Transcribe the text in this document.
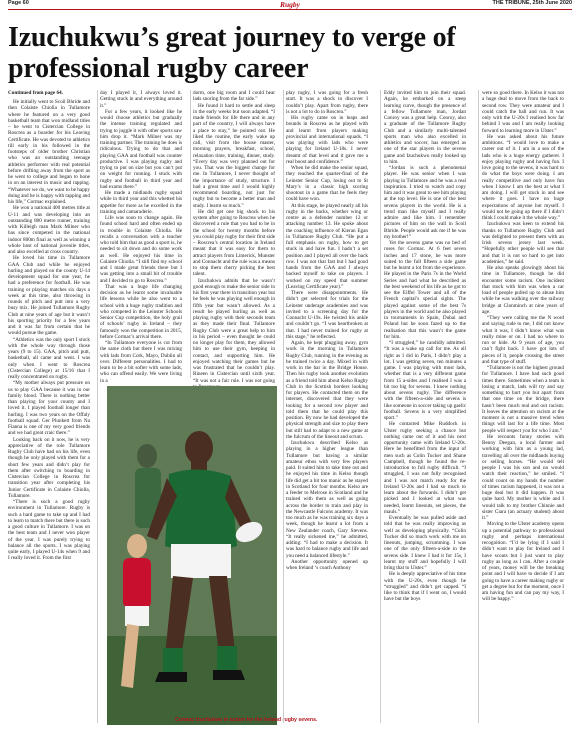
Page 60	Rugby	THE TRIBUNE, 25th June 2020
Izuchukwu’s great journey to verge of professional rugby career
Continued from page 64.

He initially went to Scoil Bhride and then Colaiste Chiolla in Tullamore where he featured on a very good basketball team that won midland titles – he went to Cistercian College in Roscrea as a boarder for his Leaving Certificate. He was devoted to athletics till early in his followed in the footsteps of older brother Christian who was an outstanding teenage athletics performer with real potential before drifting away from the sport as he went to college and began to hone in on an interest in music and rapping. “Whatever we do, we want to be happy doing and he is happy with rapping and his life,” Cormac explained.

He won a national 400 metres title at U-11 and was developing into an outstanding 800 metre runner, training with Killeigh man Mark Milner who has since competed in the national indoor 800m final as well as winning a whole host of national juvenile titles, and also excelled at cross country.

He loved his time in Tullamore GAA Club and while he enjoyed hurling and played on the county U-14 development squad for one year, he had a preference for football. He was training or playing matches six days a week at this time, also throwing in rounds of pitch and putt into a very busy mix. He joined Tullamore Rugby Club at nine years of age but it wasn’t his sporting priority for a few years and it was far from certain that he would pursue the game.

“Athletics was the only sport I stuck with the whole way through those years (9 to 15). GAA, pitch and putt, basketball, all came and went. I was only when I went to Roscrea (Cistercian College) at 15/16 that I really concentrated on rugby.

“My mother always put pressure on us to play GAA because it was in our family blood. There is nothing better than playing for your county and I loved it. I played football longer than hurling. I was two years on the Offaly football squad. Ger Plunkett from Na Fianna is one of my very good friends and we had great craic there.”

Looking back on it now, he is very appreciative of the role Tullamore Rugby Club have had on his life, even though he only played with them for a short few years and didn’t play for them after switching to boarding in Cistercian College in Roscrea for transition year after completing his Junior Certificate in Colaiste Chiolla, Tullamore.

“There is such a good rugby environment in Tullamore. Rugby is such a hard game to take up and I had to learn to match there but there is such a good culture in Tullamore. I was on the best team and I never won player of the year. I was purely trying to balance all the sports. I was playing quite early, I played U-14s when 9 and I really loved it. From the first

day I played it, I always loved it. Getting stuck in and everything around it.”

For a few years, it looked like he would choose athletics but gradually the intense training regulated and trying to juggle it with other sports saw him drop it. “Mark Milner was my training partner. The training he does is ridiculous. Trying to do that and playing GAA and football was counter productive. I was playing rugby and trying to put on size but you can’t put on weight for running. I stuck with rugby and football in third year and had exams there.”

He made a midlands rugby squad while in third year and this whetted his appetite for more as he excelled in the training and camaraderie.

Life was soon to change again. He found school hard and often ended up in trouble in Colaiste Chiolla. He recalls a conversation with a teacher who told him that as good a sport is, he needed to sit down and do some work as well. He enjoyed his time in Colaiste Chiolla. “I still find my school and I made great friends there but I was getting into a small bit of trouble and I decided to go to Roscrea.”

That was a huge life changing decision as he learnt some invaluable life lessons while he also went to a school with a huge rugby tradition and who competed in the Leinster Schools Senior Cup competition, the holy grail of schools’ rugby in Ireland – they famously won the competition in 2015, before Cormac’s arrival there.

“In Tullamore everyone is cut from the same cloth but there I was mixing with lads from Cork, Mayo, Dublin all over. Different personalities. I had to learn to be a bit softer with some lads, who can offend easily. We were living in a

dorm, one big room and I could hear lads snoring from the far side.”

He found it hard to settle and sleep in the early weeks but soon adapted. “I made friends for life there and in any part of the country, I will always have a place to stay,” he pointed out. He liked the routine, the early wake up call, visit from the house master, morning prayers, breakfast, school, relaxation time, training, dinner, study. “Every day was very planned out for you. That was the biggest change for me. In Tullamore, I never thought of the importance of study, structure. I had a great time and I would highly recommend boarding, not just for rugby but to become a better man and study. I learnt so much.”

He did get one big shock to his system after going to Roscrea when he discovered a rule that you had to be in the school for twenty months before you could play rugby for their first side – Roscrea’s central location in Ireland meant that it was easy for them to attract players from Limerick, Munster and Connacht and the rule was a means to stop them cherry picking the best talent.

Izuchukwu admits that he wasn’t good enough to make the senior side in his first year there in transition year but he feels he was playing well enough in fifth year but wasn’t allowed. As a result he played hurling as well as playing rugby with their seconds team as they made their final. Tullamore Rugby Club were a great help to him in his period – even thought he could no longer play for them, they allowed him to use their gym, keeping in contact, and supporting him. He enjoyed watching their games but he was frustrated that he couldn’t play. Rineen in Cistercian until sixth year. “It was not a fair rule. I was not going

play rugby, I was going for a fresh start. It was a shock to discover I couldn’t play. Apart from rugby, there is not a lot to do in Roscrea.”

His rugby came on in leaps and bounds in Roscrea as he played with and learnt from players making provincial and international squads. “I was playing with lads who were playing for Ireland U-18s. I never dreamt of that level and it gave me a real boost and confidence.”

When he did make the senior squad, they reached the quarter-final of the Leinster Senior Cup, losing out to St Mary’s in a classic high scoring shootout in a game that he feels they could have won.

At this stage, he played nearly all his rugby in the backs, whether wing or centre as a defender number 12 or attacking number 13. He spoke about the coaching influence of Kieran Egan in Tullamore Rugby Club. “He put a full emphasis on rugby, how to get stuck in and have fun. I hadn’t a set position and I played all over the back row. I was not that fast but I had good hands from the GAA and I always backed myself to take on players. I worked on my speed that summer (Leaving Certificate year).”

There were disappointments. He didn’t get selected for trials for the Leinster underage academies and was invited to a screening day for the Connacht U-19s. He twisted his ankle and couldn’t go. “I was heartbroken at that. I had never trained for rugby at this stage,” he reflected.

Again, he kept plugging away, gym work in the morning in Tullamore Rugby Club, running in the evening as he trained twice a day. Mixed in with work in the bar in the Bridge House. Then his rugby took another evolution as a friend told him about Kelso Rugby Club in the Scottish borders looking for players. He contacted them on the internet, discovered that they were looking for a second row player and told them that he could play this position. By now he had developed the physical strength and size to play there but still had to adapt to a new game at the fulcrum of the lineout and scrum.

Izuchukwu described Kelso as playing in a higher league than Tullamore but having a similar amateur ethos with very few players paid. It suited him to take time out and he enjoyed his time in Kelso though life did get a bit too manic as he stayed in Scotland for four months. Kelso are a feeder to Melrose in Scotland and he trained with them as well as going across the border to train and play in the Newcastle Falcons academy. It was too much as he was training six days a week, though he learnt a lot from a New Zealander coach, Gary Stevens. “It really sickened me,” he admitted, adding: “I had to make a decision. It was hard to balance rugby and life and you need a balanced lifestyle.”

Another opportunity opened up when Ireland ‘s coach Anthony

Eddy invited him to join their squad. Again, he embarked on a steep learning curve, though the presence of a fellow Tullamore man, Jordan Conroy was a great help. Conroy, also a graduate of the Tullamore Rugby Club and a similarly multi-talented sports man who also excelled in athletics and soccer, has emerged as one of the star players in the sevens game and Izuchukwu really looked up to him.

“Jordan is such a phenomenal player. He was senior when I was playing in Tullamore and he was a real inspiration. I tried to watch and copy him and it was great to see him playing at the top level. He is one of the best sevens players in the world. He is a trend man like myself and I really admire and like him. I remember pictures of him on the wall in Scoil Bhride. People would ask me if he was my brother!”

Yet the sevens game was no bed of roses for Cormac. At 6 feet seven inches and 17 stone, he was more suited to the full fifteen a side game but he learnt a lot from the experience. He played in the Paris 7s in the World Series and had what he described as the best weekend of his life as he got to see the Eiffel Tower and all of the French capital’s special sights. The played against some of the best 7s players in the world and he also played in tournaments in Spain, Dubai and Poland but he soon fazed up to the realisation that this wasn’t the game for him.

“I struggled,” he candidly admitted. “It was a wake up call for me. As all right as I did in Paris, I didn’t play a lot. I was getting seven, ten minutes a game. I was playing with most lads, whether that is a very different game from 15 a-sides and I realised I was a bit too big for sevens. I knew nothing about sevens rugby. The difference with the fifteen-a-side and sevens is like someone in soccer taking up gaelic football. Sevens is a very simplified sport.”

He contacted Mike Ruddock in Ulster rugby seeking a chance but nothing came out of it and his next opportunity came with Ireland U-20s. Here he benefitted from the input of men such as Colin Tucker and Shane Campbell, though he found the re-introduction to full rugby difficult. “I struggled, I was not fully recognised and I was not match ready for the Ireland U-20s and I had so much to learn about the forwards. I didn’t get picked and I looked at what was needed, learnt lineouts, set pieces, the mauls.”

Eventually he was pulled aside and told that he was really improving as well as developing physically. “Colin Tucker did so much work with me on lineouts, jumping, scrumming. I was one of the only fifteen-a-side in the sevens side. I knew I had it for 15s, I learnt my stuff and hopefully I will bring that to Ulster.”

He is deeply appreciative of his time with the U-20s, even though he “struggled” and didn’t get capped. “I like to think that if I went on, I would have but the boys

were so good there. In Kelso it was not a huge deal to move from the back to second row. They were amateur and I could catch the ball and run. It was only with the U-20s I realised how far behind I was and I am really looking forward to learning more in Ulster.”

He was asked about his future ambitions. “I would love to make a career out of it. I am in a sea of the lads who is a huge energy gatherer. I enjoy playing rugby and having fun. I love going to the sevens, it was hard to do what the boys were doing. I am really competitive and only have fun when I know I am the best at what I am doing. I will get stuck in and see where it goes. I have no huge expectations of anyone but myself. I would not be going up there if I didn’t think I could make it the whole way.”

Izuchukwu was keen to extend his thanks to Tullamore Rugby Club and was delighted to present them with an Irish sevens jersey last week. “Hopefully other people will see that and that it is not so hard to get into academies,” he said.

He also speaks glowingly about his time in Tullamore, though he did encounter some racism. One incident that stuck with him was when a car load of people pulled up to abuse him while he was walking over the railway bridge at Clonminch at nine years of age.

“They were calling me the N word and saying rude to me, I did not know what it was, I didn’t know what was really mine or on. I had no where to run or hide. At 9 years of age, you can’t fight back. I have got lots of pieces of it, people crossing the street and that type of stuff.

“Tullamore is not the highest ground for Tullamore. I have had such good times there. Sometimes when a team is losing a match, lads will try and say something to hurt you but apart from that one time on the bridge, there hasn’t been much real and out racism. It leaves the attention on racism at the moment is not a massive trend when things will last for a life time. Most people will respect you for who I am.”

He recounts funny stories with Benny Deegan, a local farmer and working with him as a young lad, travelling all over the midlands buying or selling horses. “He would tell people I was his son and no would watch their reaction,” he smiled. “I could count on my hands the number of times racism happened, it was not a huge deal but it did happen. It was quite hard. My mother is white and I would talk to my brother Chinnie and sister Ciara (an actuary student) about it.”

Moving to the Ulster academy opens up a potential pathway to professional rugby and perhaps international recognition. “I’d be lying if I said I didn’t want to play for Ireland and I have scouts but I just want to play rugby as long as I can. After a couple of years, money will be the breaking point and I will have to decide if I am going to have a career making rugby or get a degree but for the moment, once I am having fun and can pay my way, I will be happy.”

Cormac Izuchukwu in action for the Ireland rugby sevens.
